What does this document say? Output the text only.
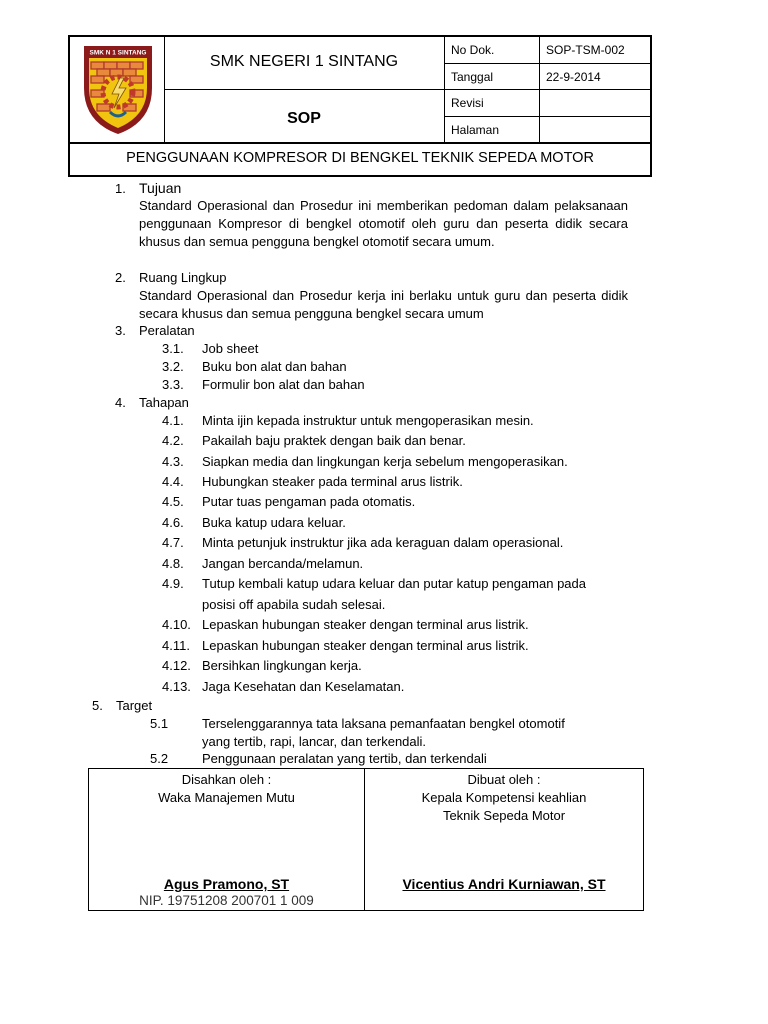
SMK N 1 SINTANG	SMK NEGERI 1 SINTANG
SOP
No Dok.	SOP-TSM-002
Tanggal	22-9-2014
Revisi
Halaman
PENGGUNAAN KOMPRESOR DI BENGKEL TEKNIK SEPEDA MOTOR
1. Tujuan
Standard Operasional dan Prosedur ini memberikan pedoman dalam pelaksanaan penggunaan Kompresor di bengkel otomotif oleh guru dan peserta didik secara khusus dan semua pengguna bengkel otomotif secara umum.
2. Ruang Lingkup
Standard Operasional dan Prosedur kerja ini berlaku untuk guru dan peserta didik secara khusus dan semua pengguna bengkel secara umum
3. Peralatan
3.1. Job sheet
3.2. Buku bon alat dan bahan
3.3. Formulir bon alat dan bahan
4. Tahapan
4.1. Minta ijin kepada instruktur untuk mengoperasikan mesin.
4.2. Pakailah baju praktek dengan baik dan benar.
4.3. Siapkan media dan lingkungan kerja sebelum mengoperasikan.
4.4. Hubungkan steaker pada terminal arus listrik.
4.5. Putar tuas pengaman pada otomatis.
4.6. Buka katup udara keluar.
4.7. Minta petunjuk instruktur jika ada keraguan dalam operasional.
4.8. Jangan bercanda/melamun.
4.9. Tutup kembali katup udara keluar dan putar katup pengaman pada
posisi off apabila sudah selesai.
4.10. Lepaskan hubungan steaker dengan terminal arus listrik.
4.11. Lepaskan hubungan steaker dengan terminal arus listrik.
4.12. Bersihkan lingkungan kerja.
4.13. Jaga Kesehatan dan Keselamatan.
5. Target
5.1	Terselenggarannya tata laksana pemanfaatan bengkel otomotif
yang tertib, rapi, lancar, dan terkendali.
5.2	Penggunaan peralatan yang tertib, dan terkendali
Disahkan oleh :
Waka Manajemen Mutu
Agus Pramono, ST
NIP. 19751208 200701 1 009
Dibuat oleh :
Kepala Kompetensi keahlian
Teknik Sepeda Motor
Vicentius Andri Kurniawan, ST
